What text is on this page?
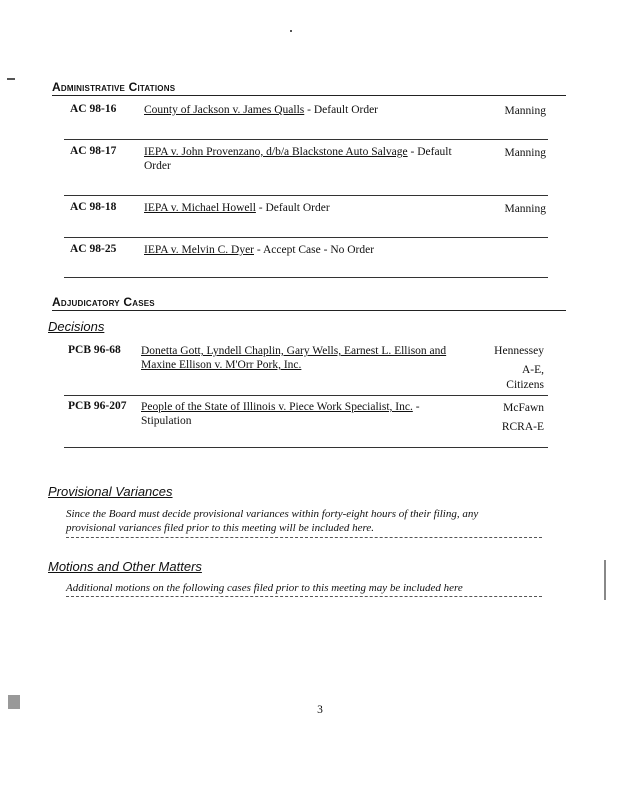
Administrative Citations
AC 98-16 County of Jackson v. James Qualls - Default Order	Manning
AC 98-17 IEPA v. John Provenzano, d/b/a Blackstone Auto Salvage - Default
Order
Manning
AC 98-18 IEPA v. Michael Howell - Default Order	Manning
AC 98-25 IEPA v. Melvin C. Dyer - Accept Case - No Order
Adjudicatory Cases
Decisions
PCB 96-68 Donetta Gott, Lyndell Chaplin, Gary Wells, Earnest L. Ellison and
Maxine Ellison v. M'Orr Pork, Inc.
Hennessey
A-E,
Citizens
PCB 96-207 People of the State of Illinois v. Piece Work Specialist, Inc. -
Stipulation
McFawn
RCRA-E
Provisional Variances
Since the Board must decide provisional variances within forty-eight hours of their filing, any
provisional variances filed prior to this meeting will be included here.
Motions and Other Matters
Additional motions on the following cases filed prior to this meeting may be included here
3
